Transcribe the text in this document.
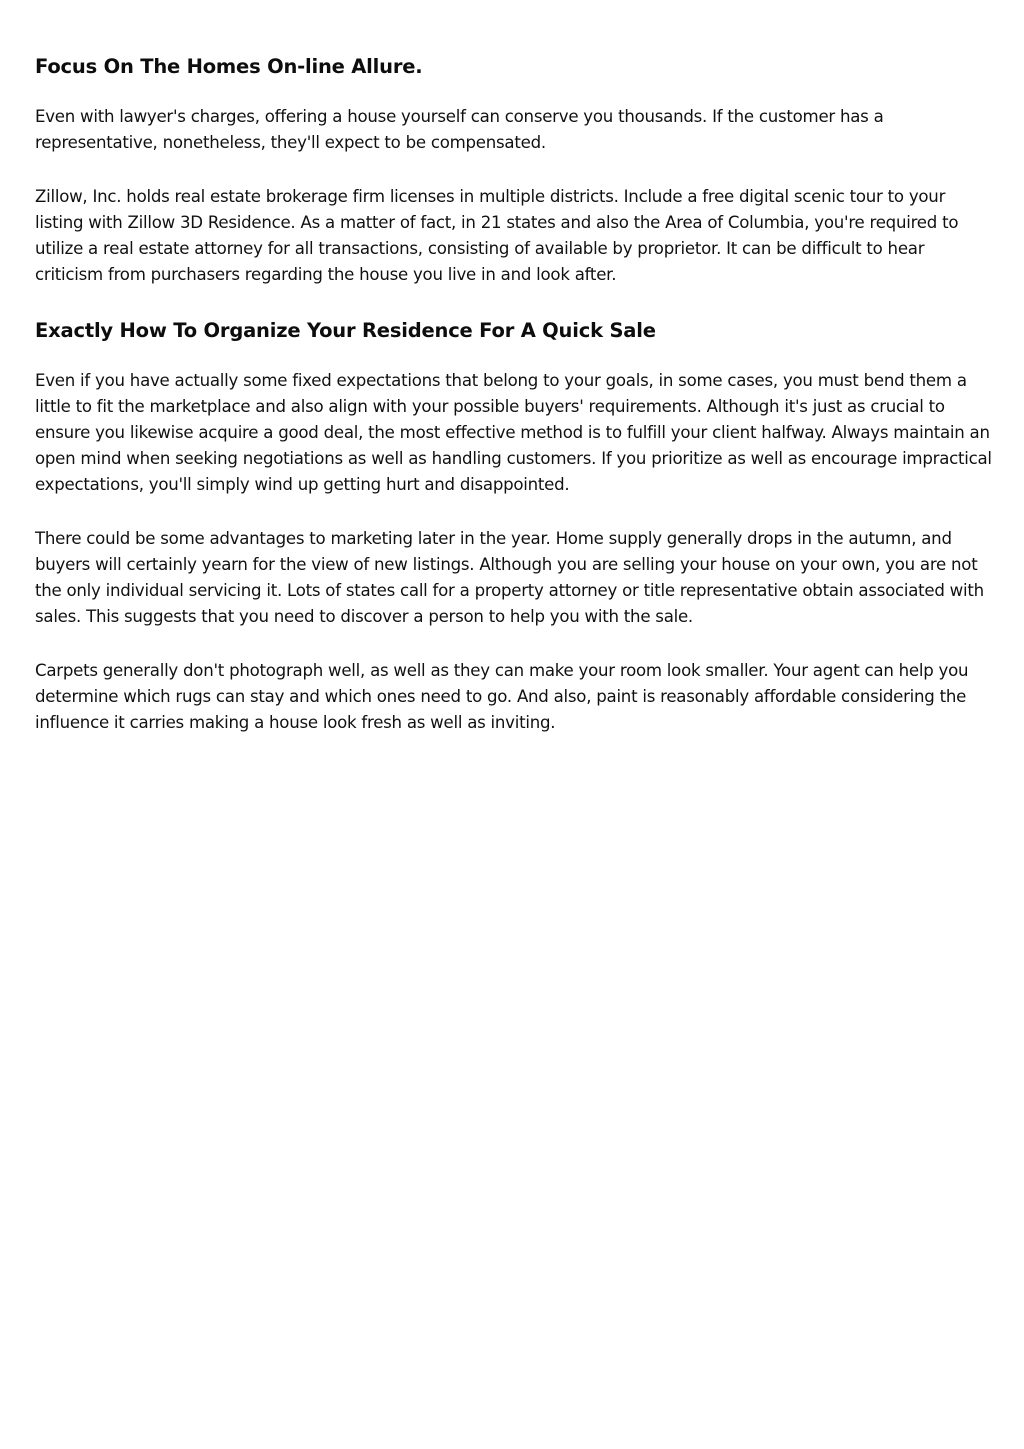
Focus On The Homes On-line Allure.

Even with lawyer's charges, offering a house yourself can conserve you thousands. If the customer has a representative, nonetheless, they'll expect to be compensated.

Zillow, Inc. holds real estate brokerage firm licenses in multiple districts. Include a free digital scenic tour to your listing with Zillow 3D Residence. As a matter of fact, in 21 states and also the Area of Columbia, you're required to utilize a real estate attorney for all transactions, consisting of available by proprietor. It can be difficult to hear criticism from purchasers regarding the house you live in and look after.

Exactly How To Organize Your Residence For A Quick Sale

Even if you have actually some fixed expectations that belong to your goals, in some cases, you must bend them a little to fit the marketplace and also align with your possible buyers' requirements. Although it's just as crucial to ensure you likewise acquire a good deal, the most effective method is to fulfill your client halfway. Always maintain an open mind when seeking negotiations as well as handling customers. If you prioritize as well as encourage impractical expectations, you'll simply wind up getting hurt and disappointed.

There could be some advantages to marketing later in the year. Home supply generally drops in the autumn, and buyers will certainly yearn for the view of new listings. Although you are selling your house on your own, you are not the only individual servicing it. Lots of states call for a property attorney or title representative obtain associated with sales. This suggests that you need to discover a person to help you with the sale.

Carpets generally don't photograph well, as well as they can make your room look smaller. Your agent can help you determine which rugs can stay and which ones need to go. And also, paint is reasonably affordable considering the influence it carries making a house look fresh as well as inviting.
